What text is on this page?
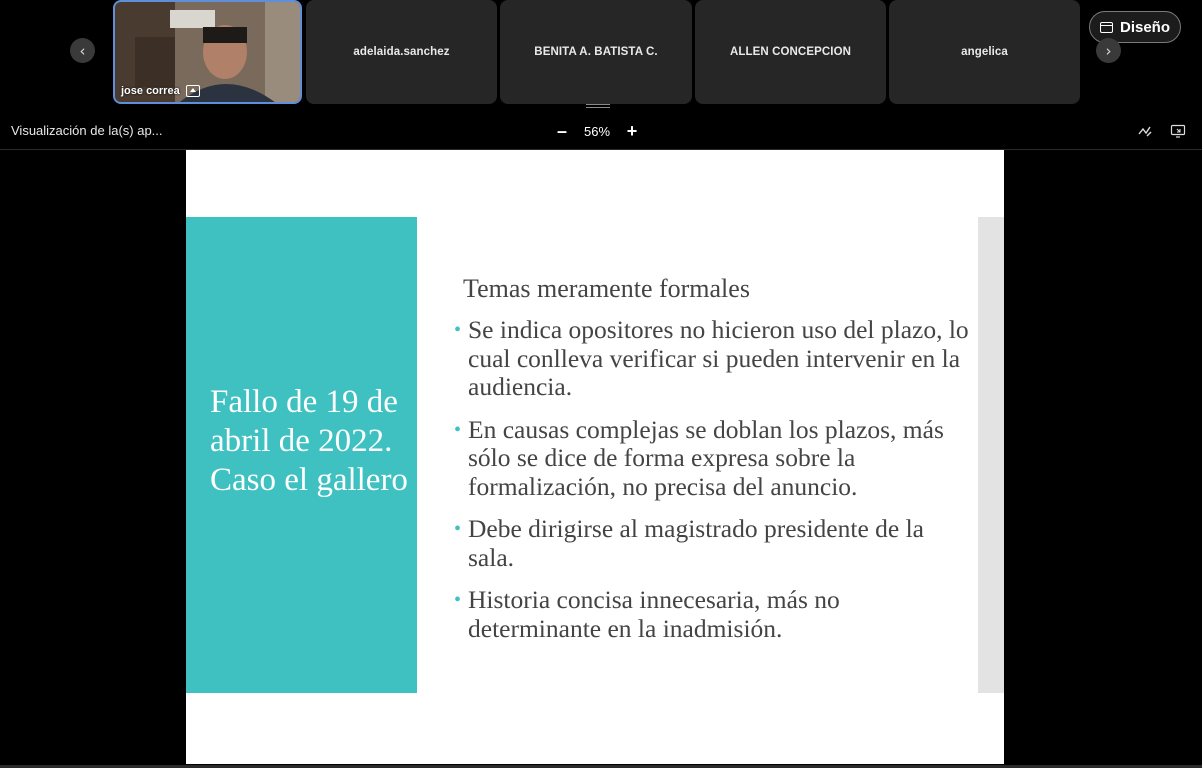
‹
jose correa
adelaida.sanchez	BENITA A. BATISTA C.	ALLEN CONCEPCION	angelica
Diseño
›
Visualización de la(s) ap...	–	56% +
Fallo de 19 de abril de 2022. Caso el gallero
Temas meramente formales
• Se indica opositores no hicieron uso del plazo, lo cual conlleva verificar si pueden intervenir en la audiencia.
• En causas complejas se doblan los plazos, más sólo se dice de forma expresa sobre la formalización, no precisa del anuncio.
• Debe dirigirse al magistrado presidente de la sala.
• Historia concisa innecesaria, más no determinante en la inadmisión.
